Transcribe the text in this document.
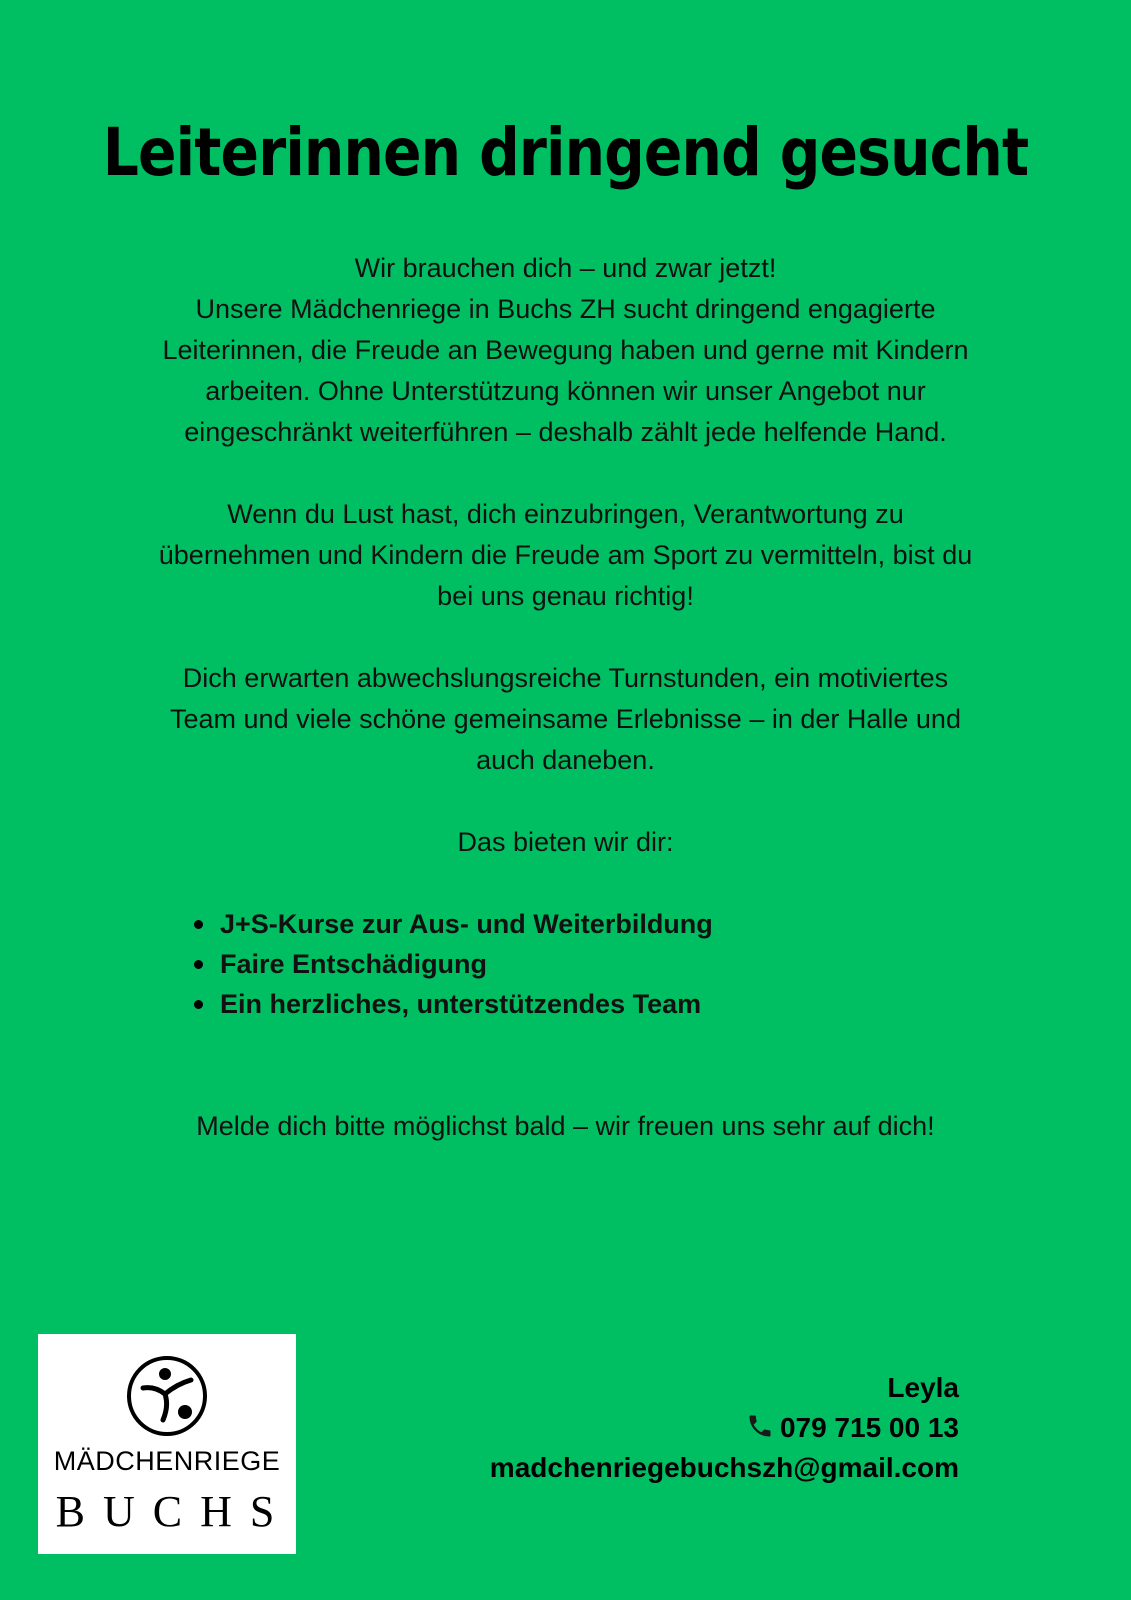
Leiterinnen dringend gesucht

Wir brauchen dich – und zwar jetzt!

Unsere Mädchenriege in Buchs ZH sucht dringend engagierte Leiterinnen, die Freude an Bewegung haben und gerne mit Kindern arbeiten. Ohne Unterstützung können wir unser Angebot nur eingeschränkt weiterführen – deshalb zählt jede helfende Hand.

Wenn du Lust hast, dich einzubringen, Verantwortung zu übernehmen und Kindern die Freude am Sport zu vermitteln, bist du bei uns genau richtig!

Dich erwarten abwechslungsreiche Turnstunden, ein motiviertes Team und viele schöne gemeinsame Erlebnisse – in der Halle und auch daneben.

Das bieten wir dir:

J+S-Kurse zur Aus- und Weiterbildung
Faire Entschädigung
Ein herzliches, unterstützendes Team

Melde dich bitte möglichst bald – wir freuen uns sehr auf dich!

MÄDCHENRIEGE
BUCHS
Leyla
079 715 00 13
madchenriegebuchszh@gmail.com
